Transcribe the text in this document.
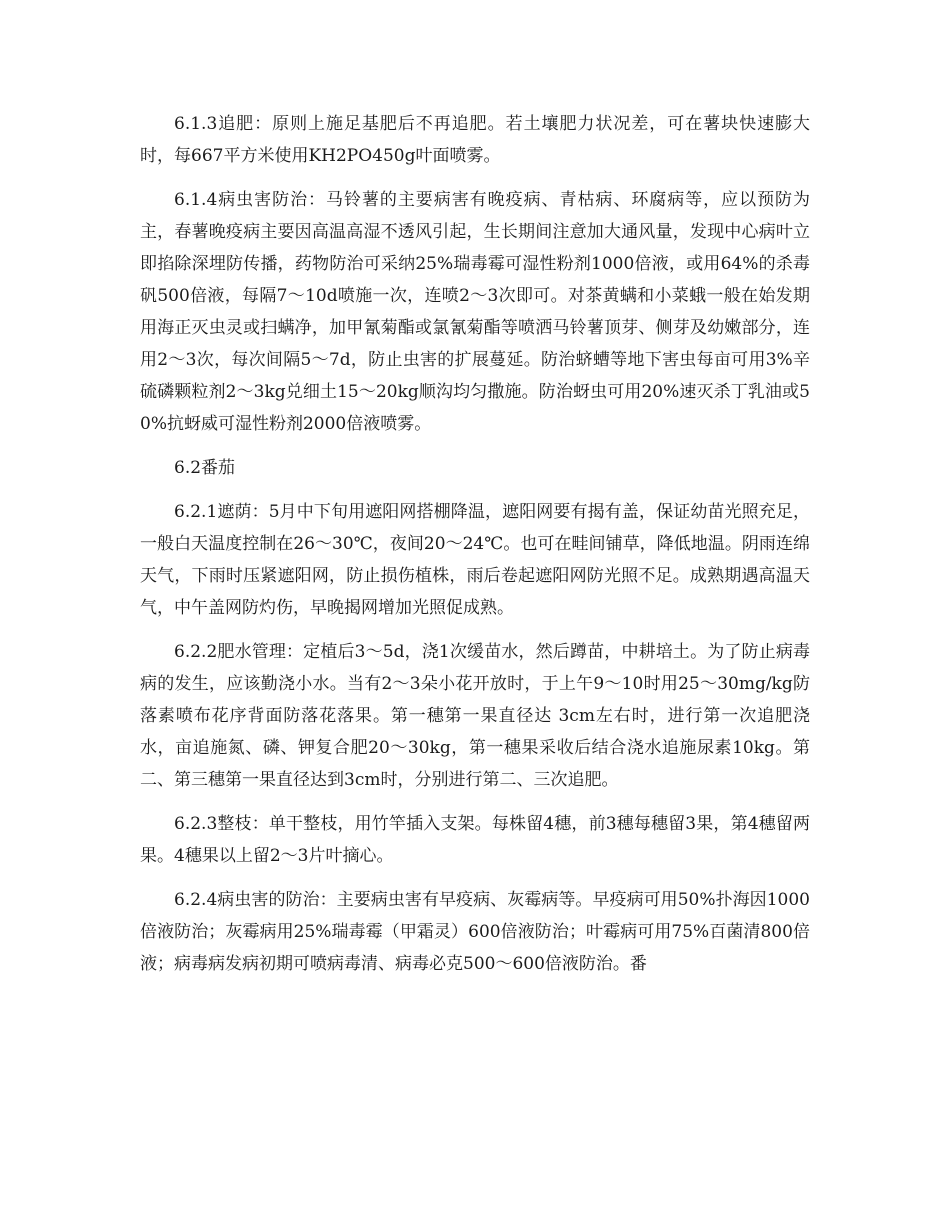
6.1.3追肥：原则上施足基肥后不再追肥。若土壤肥力状况差，可在薯块快速膨大时，每667平方米使用KH2PO450g叶面喷雾。

6.1.4病虫害防治：马铃薯的主要病害有晚疫病、青枯病、环腐病等，应以预防为主，春薯晚疫病主要因高温高湿不透风引起，生长期间注意加大通风量，发现中心病叶立即掐除深埋防传播，药物防治可采纳25%瑞毒霉可湿性粉剂1000倍液，或用64%的杀毒矾500倍液，每隔7～10d喷施一次，连喷2～3次即可。对茶黄螨和小菜蛾一般在始发期用海正灭虫灵或扫螨净，加甲氰菊酯或氯氰菊酯等喷洒马铃薯顶芽、侧芽及幼嫩部分，连用2～3次，每次间隔5～7d，防止虫害的扩展蔓延。防治蛴螬等地下害虫每亩可用3%辛硫磷颗粒剂2～3kg兑细土15～20kg顺沟均匀撒施。防治蚜虫可用20%速灭杀丁乳油或50%抗蚜威可湿性粉剂2000倍液喷雾。

6.2番茄

6.2.1遮荫：5月中下旬用遮阳网搭棚降温，遮阳网要有揭有盖，保证幼苗光照充足，一般白天温度控制在26～30℃，夜间20～24℃。也可在畦间铺草，降低地温。阴雨连绵天气，下雨时压紧遮阳网，防止损伤植株，雨后卷起遮阳网防光照不足。成熟期遇高温天气，中午盖网防灼伤，早晚揭网增加光照促成熟。

6.2.2肥水管理：定植后3～5d，浇1次缓苗水，然后蹲苗，中耕培土。为了防止病毒病的发生，应该勤浇小水。当有2～3朵小花开放时，于上午9～10时用25～30mg/kg防落素喷布花序背面防落花落果。第一穗第一果直径达 3cm左右时，进行第一次追肥浇水，亩追施氮、磷、钾复合肥20～30kg，第一穗果采收后结合浇水追施尿素10kg。第二、第三穗第一果直径达到3cm时，分别进行第二、三次追肥。

6.2.3整枝：单干整枝，用竹竿插入支架。每株留4穗，前3穗每穗留3果，第4穗留两果。4穗果以上留2～3片叶摘心。

6.2.4病虫害的防治：主要病虫害有早疫病、灰霉病等。早疫病可用50%扑海因1000倍液防治；灰霉病用25%瑞毒霉（甲霜灵）600倍液防治；叶霉病可用75%百菌清800倍液；病毒病发病初期可喷病毒清、病毒必克500～600倍液防治。番
